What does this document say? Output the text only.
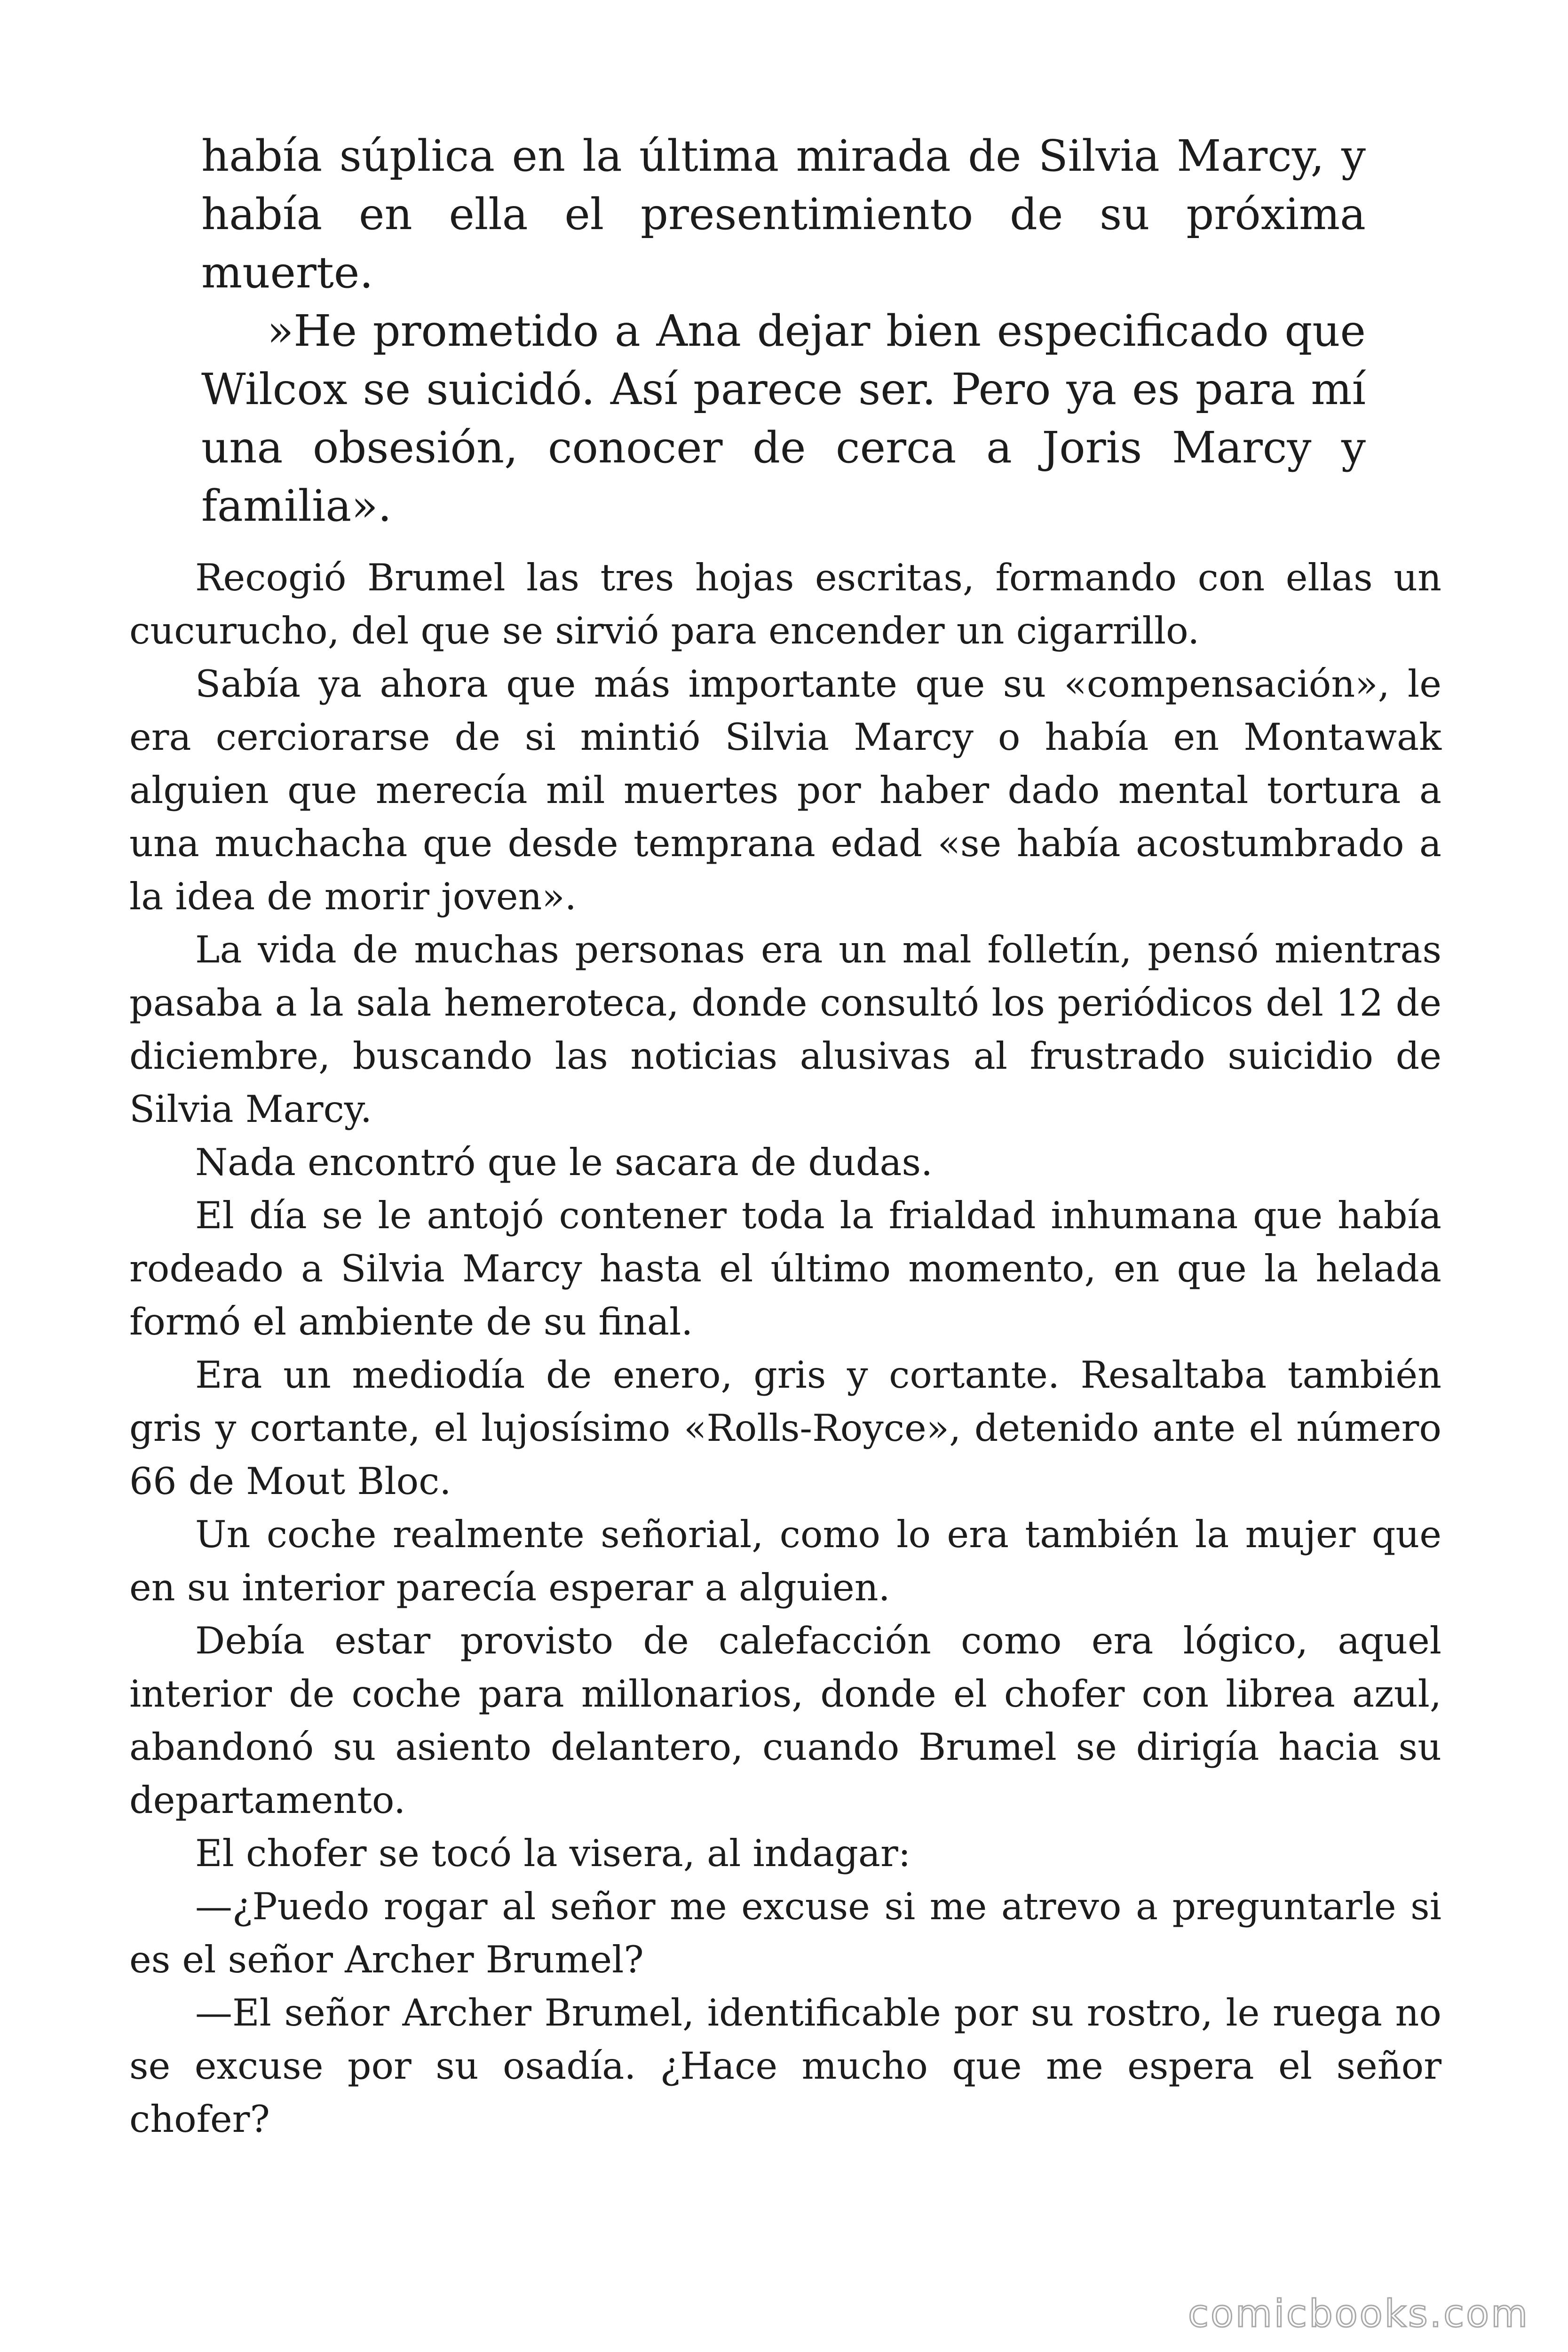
había súplica en la última mirada de Silvia Marcy, y había en ella el presentimiento de su próxima muerte.

»He prometido a Ana dejar bien especificado que Wilcox se suicidó. Así parece ser. Pero ya es para mí una obsesión, conocer de cerca a Joris Marcy y familia».

Recogió Brumel las tres hojas escritas, formando con ellas un cucurucho, del que se sirvió para encender un cigarrillo.

Sabía ya ahora que más importante que su «compensación», le era cerciorarse de si mintió Silvia Marcy o había en Montawak alguien que merecía mil muertes por haber dado mental tortura a una muchacha que desde temprana edad «se había acostumbrado a la idea de morir joven».

La vida de muchas personas era un mal folletín, pensó mientras pasaba a la sala hemeroteca, donde consultó los periódicos del 12 de diciembre, buscando las noticias alusivas al frustrado suicidio de Silvia Marcy.

Nada encontró que le sacara de dudas.

El día se le antojó contener toda la frialdad inhumana que había rodeado a Silvia Marcy hasta el último momento, en que la helada formó el ambiente de su final.

Era un mediodía de enero, gris y cortante. Resaltaba también gris y cortante, el lujosísimo «Rolls-Royce», detenido ante el número 66 de Mout Bloc.

Un coche realmente señorial, como lo era también la mujer que en su interior parecía esperar a alguien.

Debía estar provisto de calefacción como era lógico, aquel interior de coche para millonarios, donde el chofer con librea azul, abandonó su asiento delantero, cuando Brumel se dirigía hacia su departamento.

El chofer se tocó la visera, al indagar:

—¿Puedo rogar al señor me excuse si me atrevo a preguntarle si es el señor Archer Brumel?

—El señor Archer Brumel, identificable por su rostro, le ruega no se excuse por su osadía. ¿Hace mucho que me espera el señor chofer?

comicbooks.com
